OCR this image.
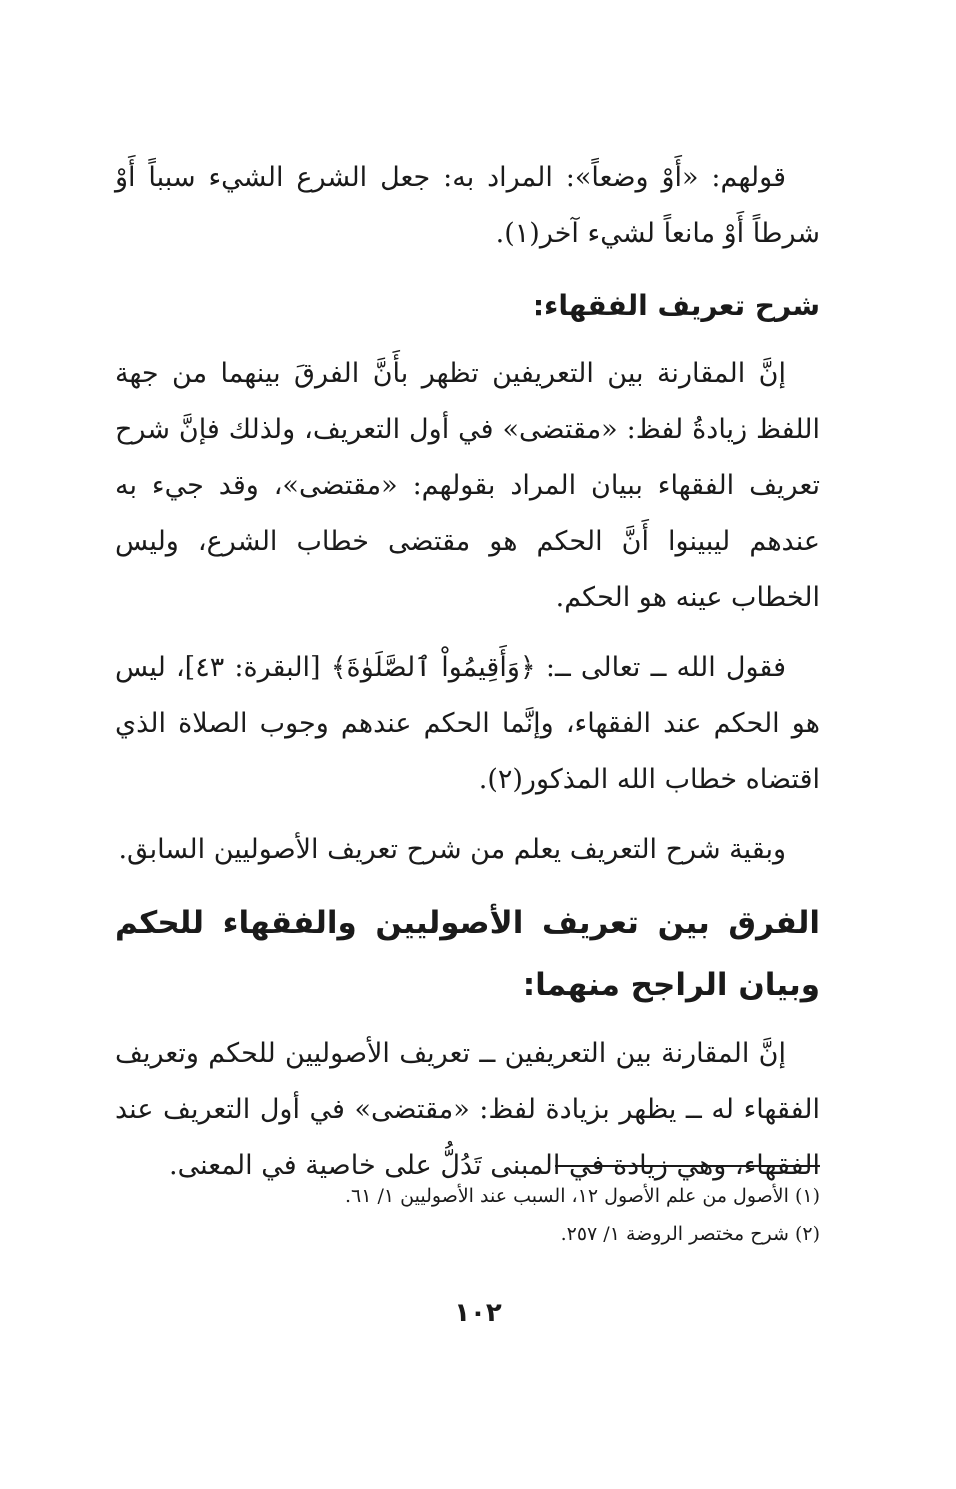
قولهم: «أَوْ وضعاً»: المراد به: جعل الشرع الشيء سبباً أَوْ شرطاً أَوْ مانعاً لشيء آخر(١).

شرح تعريف الفقهاء:

إنَّ المقارنة بين التعريفين تظهر بأَنَّ الفرقَ بينهما من جهة اللفظ زيادةُ لفظ: «مقتضى» في أول التعريف، ولذلك فإنَّ شرح تعريف الفقهاء ببيان المراد بقولهم: «مقتضى»، وقد جيء به عندهم ليبينوا أَنَّ الحكم هو مقتضى خطاب الشرع، وليس الخطاب عينه هو الحكم.

فقول الله ــ تعالى ــ: ﴿وَأَقِيمُواْ ٱلصَّلَوٰةَ﴾ [البقرة: ٤٣]، ليس هو الحكم عند الفقهاء، وإنَّما الحكم عندهم وجوب الصلاة الذي اقتضاه خطاب الله المذكور(٢).

وبقية شرح التعريف يعلم من شرح تعريف الأصوليين السابق.

الفرق بين تعريف الأصوليين والفقهاء للحكم وبيان الراجح منهما:

إنَّ المقارنة بين التعريفين ــ تعريف الأصوليين للحكم وتعريف الفقهاء له ــ يظهر بزيادة لفظ: «مقتضى» في أول التعريف عند الفقهاء، وهي زيادة في المبنى تَدُلُّ على خاصية في المعنى.

(١) الأصول من علم الأصول ١٢، السبب عند الأصوليين ١/ ٦١.

(٢) شرح مختصر الروضة ١/ ٢٥٧.

١٠٢
